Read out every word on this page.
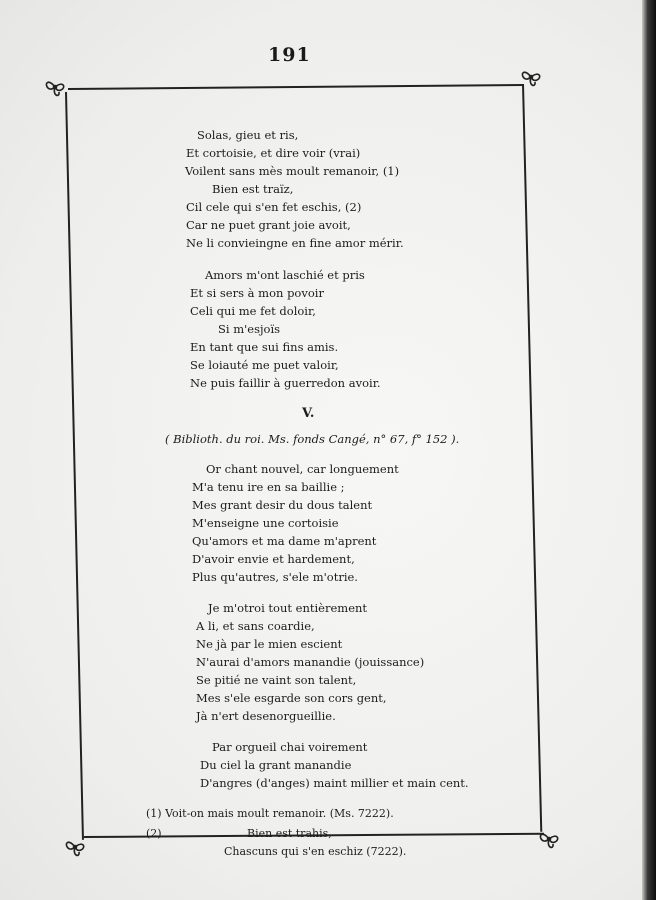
191
Solas, gieu et ris,
Et cortoisie, et dire voir (vrai)
Voilent sans mès moult remanoir, (1)
Bien est traïz,
Cil cele qui s'en fet eschis, (2)
Car ne puet grant joie avoit,
Ne li convieingne en fine amor mérir.
Amors m'ont laschié et pris
Et si sers à mon povoir
Celi qui me fet doloir,
Si m'esjoïs
En tant que sui fins amis.
Se loiauté me puet valoir,
Ne puis faillir à guerredon avoir.
V.
( Biblioth. du roi. Ms. fonds Cangé, n° 67, f° 152 ).
Or chant nouvel, car longuement
M'a tenu ire en sa baillie ;
Mes grant desir du dous talent
M'enseigne une cortoisie
Qu'amors et ma dame m'aprent
D'avoir envie et hardement,
Plus qu'autres, s'ele m'otrie.
Je m'otroi tout entièrement
A li, et sans coardie,
Ne jà par le mien escient
N'aurai d'amors manandie (jouissance)
Se pitié ne vaint son talent,
Mes s'ele esgarde son cors gent,
Jà n'ert desenorgueillie.
Par orgueil chai voirement
Du ciel la grant manandie
D'angres (d'anges) maint millier et main cent.
(1) Voit-on mais moult remanoir. (Ms. 7222).
(2)	Bien est trahis,
Chascuns qui s'en eschiz (7222).
